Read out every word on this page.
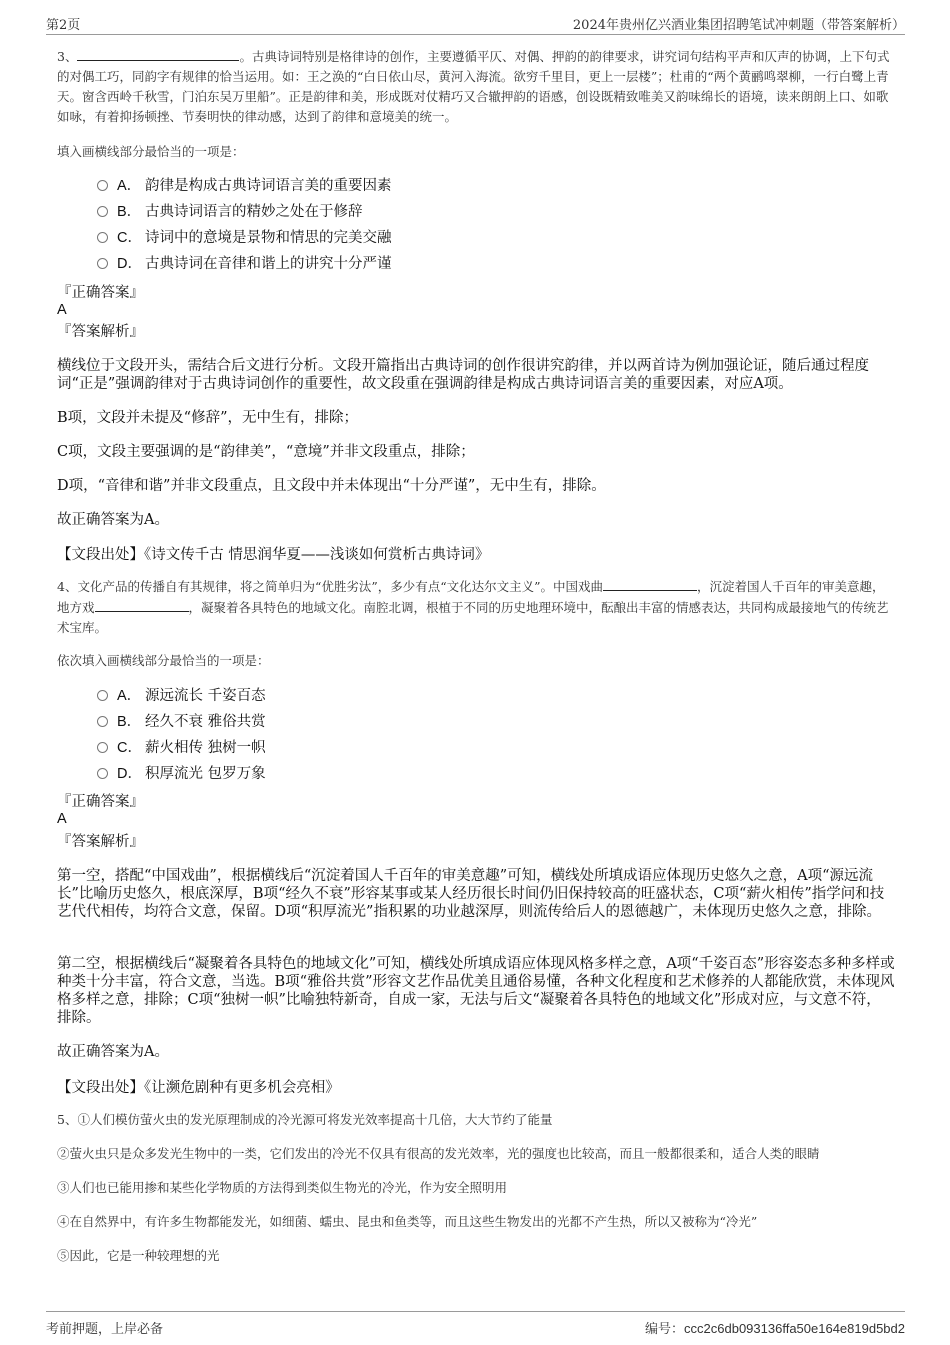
第2页	2024年贵州亿兴酒业集团招聘笔试冲刺题（带答案解析）
3、	。古典诗词特别是格律诗的创作，主要遵循平仄、对偶、押韵的韵律要求，讲究词句结构平声和仄声的协调，上下句式的对偶工巧，同韵字有规律的恰当运用。如：王之涣的“白日依山尽，黄河入海流。欲穷千里目，更上一层楼”；杜甫的“两个黄鹂鸣翠柳，一行白鹭上青天。窗含西岭千秋雪，门泊东吴万里船”。正是韵律和美，形成既对仗精巧又合辙押韵的语感，创设既精致唯美又韵味绵长的语境，读来朗朗上口、如歌如咏，有着抑扬顿挫、节奏明快的律动感，达到了韵律和意境美的统一。
填入画横线部分最恰当的一项是：
A． 韵律是构成古典诗词语言美的重要因素
B． 古典诗词语言的精妙之处在于修辞
C． 诗词中的意境是景物和情思的完美交融
D． 古典诗词在音律和谐上的讲究十分严谨
『正确答案』
A
『答案解析』
横线位于文段开头，需结合后文进行分析。文段开篇指出古典诗词的创作很讲究韵律，并以两首诗为例加强论证，随后通过程度词“正是”强调韵律对于古典诗词创作的重要性，故文段重在强调韵律是构成古典诗词语言美的重要因素，对应A项。
B项，文段并未提及“修辞”，无中生有，排除；
C项，文段主要强调的是“韵律美”，“意境”并非文段重点，排除；
D项，“音律和谐”并非文段重点，且文段中并未体现出“十分严谨”，无中生有，排除。
故正确答案为A。
【文段出处】《诗文传千古 情思润华夏——浅谈如何赏析古典诗词》
4、文化产品的传播自有其规律，将之简单归为“优胜劣汰”，多少有点“文化达尔文主义”。中国戏曲	，沉淀着国人千百年的审美意趣，地方戏	，凝聚着各具特色的地域文化。南腔北调，根植于不同的历史地理环境中，酝酿出丰富的情感表达，共同构成最接地气的传统艺术宝库。
依次填入画横线部分最恰当的一项是：
A． 源远流长 千姿百态
B． 经久不衰 雅俗共赏
C． 薪火相传 独树一帜
D． 积厚流光 包罗万象
『正确答案』
A
『答案解析』
第一空，搭配“中国戏曲”，根据横线后“沉淀着国人千百年的审美意趣”可知，横线处所填成语应体现历史悠久之意，A项“源远流长”比喻历史悠久，根底深厚，B项“经久不衰”形容某事或某人经历很长时间仍旧保持较高的旺盛状态，C项“薪火相传”指学问和技艺代代相传，均符合文意，保留。D项“积厚流光”指积累的功业越深厚，则流传给后人的恩德越广，未体现历史悠久之意，排除。
第二空，根据横线后“凝聚着各具特色的地域文化”可知，横线处所填成语应体现风格多样之意，A项“千姿百态”形容姿态多种多样或种类十分丰富，符合文意，当选。B项“雅俗共赏”形容文艺作品优美且通俗易懂，各种文化程度和艺术修养的人都能欣赏，未体现风格多样之意，排除；C项“独树一帜”比喻独特新奇，自成一家，无法与后文“凝聚着各具特色的地域文化”形成对应，与文意不符，排除。
故正确答案为A。
【文段出处】《让濒危剧种有更多机会亮相》
5、①人们模仿萤火虫的发光原理制成的冷光源可将发光效率提高十几倍，大大节约了能量
②萤火虫只是众多发光生物中的一类，它们发出的冷光不仅具有很高的发光效率，光的强度也比较高，而且一般都很柔和，适合人类的眼睛
③人们也已能用掺和某些化学物质的方法得到类似生物光的冷光，作为安全照明用
④在自然界中，有许多生物都能发光，如细菌、蠕虫、昆虫和鱼类等，而且这些生物发出的光都不产生热，所以又被称为“冷光”
⑤因此，它是一种较理想的光
考前押题，上岸必备	编号：ccc2c6db093136ffa50e164e819d5bd2
